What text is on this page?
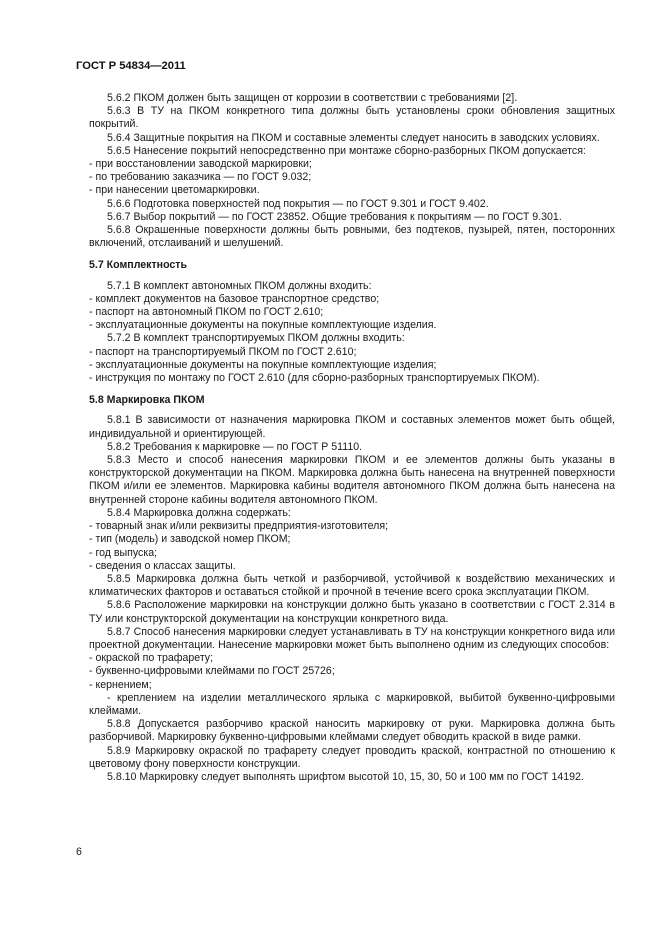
ГОСТ Р 54834—2011
5.6.2 ПКОМ должен быть защищен от коррозии в соответствии с требованиями [2].
5.6.3 В ТУ на ПКОМ конкретного типа должны быть установлены сроки обновления защитных покрытий.
5.6.4 Защитные покрытия на ПКОМ и составные элементы следует наносить в заводских условиях.
5.6.5 Нанесение покрытий непосредственно при монтаже сборно-разборных ПКОМ допускается:
- при восстановлении заводской маркировки;
- по требованию заказчика — по ГОСТ 9.032;
- при нанесении цветомаркировки.
5.6.6 Подготовка поверхностей под покрытия — по ГОСТ 9.301 и ГОСТ 9.402.
5.6.7 Выбор покрытий — по ГОСТ 23852. Общие требования к покрытиям — по ГОСТ 9.301.
5.6.8 Окрашенные поверхности должны быть ровными, без подтеков, пузырей, пятен, посторонних включений, отслаиваний и шелушений.
5.7 Комплектность
5.7.1 В комплект автономных ПКОМ должны входить:
- комплект документов на базовое транспортное средство;
- паспорт на автономный ПКОМ по ГОСТ 2.610;
- эксплуатационные документы на покупные комплектующие изделия.
5.7.2 В комплект транспортируемых ПКОМ должны входить:
- паспорт на транспортируемый ПКОМ по ГОСТ 2.610;
- эксплуатационные документы на покупные комплектующие изделия;
- инструкция по монтажу по ГОСТ 2.610 (для сборно-разборных транспортируемых ПКОМ).
5.8 Маркировка ПКОМ
5.8.1 В зависимости от назначения маркировка ПКОМ и составных элементов может быть общей, индивидуальной и ориентирующей.
5.8.2 Требования к маркировке — по ГОСТ Р 51110.
5.8.3 Место и способ нанесения маркировки ПКОМ и ее элементов должны быть указаны в конструкторской документации на ПКОМ. Маркировка должна быть нанесена на внутренней поверхности ПКОМ и/или ее элементов. Маркировка кабины водителя автономного ПКОМ должна быть нанесена на внутренней стороне кабины водителя автономного ПКОМ.
5.8.4 Маркировка должна содержать:
- товарный знак и/или реквизиты предприятия-изготовителя;
- тип (модель) и заводской номер ПКОМ;
- год выпуска;
- сведения о классах защиты.
5.8.5 Маркировка должна быть четкой и разборчивой, устойчивой к воздействию механических и климатических факторов и оставаться стойкой и прочной в течение всего срока эксплуатации ПКОМ.
5.8.6 Расположение маркировки на конструкции должно быть указано в соответствии с ГОСТ 2.314 в ТУ или конструкторской документации на конструкции конкретного вида.
5.8.7 Способ нанесения маркировки следует устанавливать в ТУ на конструкции конкретного вида или проектной документации. Нанесение маркировки может быть выполнено одним из следующих способов:
- окраской по трафарету;
- буквенно-цифровыми клеймами по ГОСТ 25726;
- кернением;
- креплением на изделии металлического ярлыка с маркировкой, выбитой буквенно-цифровыми клеймами.
5.8.8 Допускается разборчиво краской наносить маркировку от руки. Маркировка должна быть разборчивой. Маркировку буквенно-цифровыми клеймами следует обводить краской в виде рамки.
5.8.9 Маркировку окраской по трафарету следует проводить краской, контрастной по отношению к цветовому фону поверхности конструкции.
5.8.10 Маркировку следует выполнять шрифтом высотой 10, 15, 30, 50 и 100 мм по ГОСТ 14192.
6
